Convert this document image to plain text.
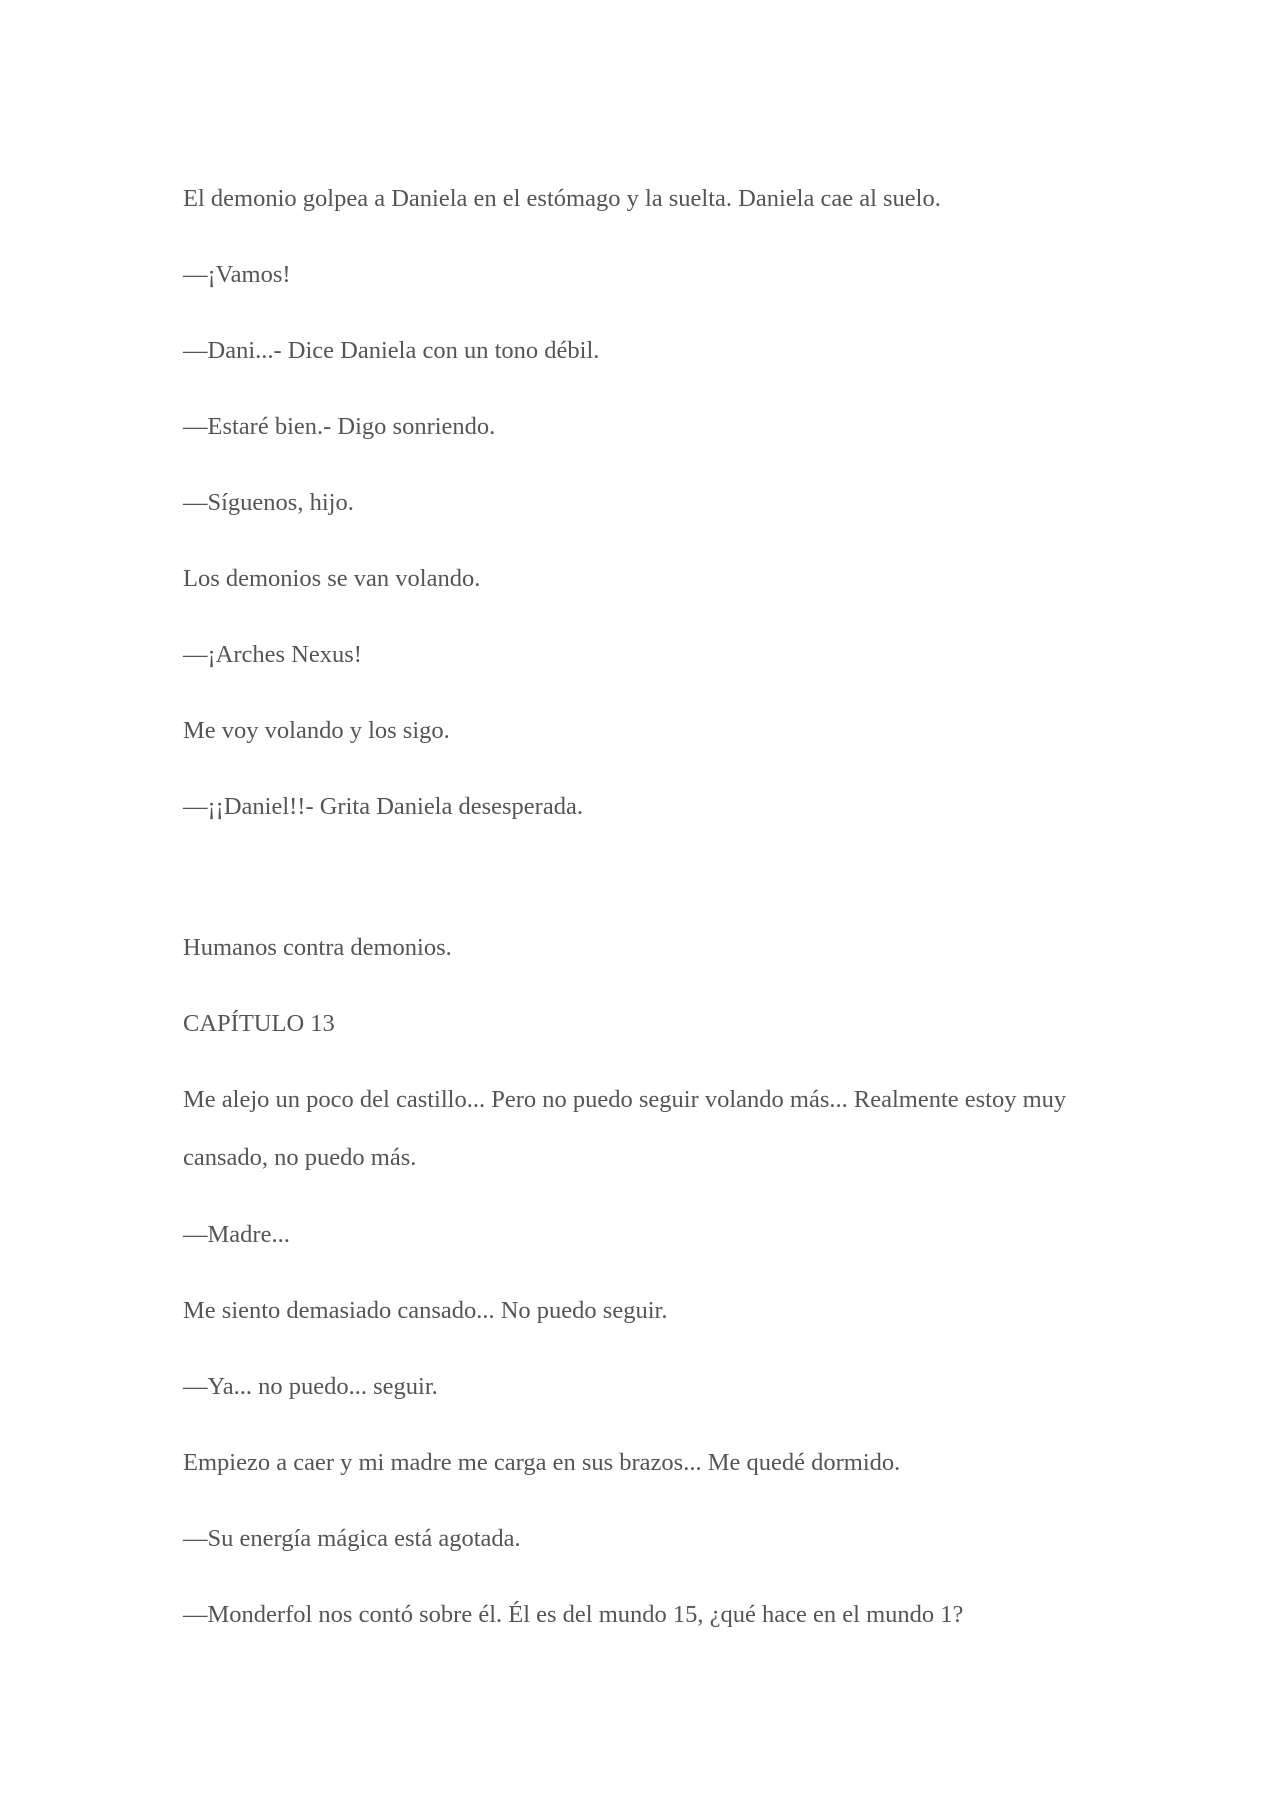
El demonio golpea a Daniela en el estómago y la suelta. Daniela cae al suelo.

—¡Vamos!

—Dani...- Dice Daniela con un tono débil.

—Estaré bien.- Digo sonriendo.

—Síguenos, hijo.

Los demonios se van volando.

—¡Arches Nexus!

Me voy volando y los sigo.

—¡¡Daniel!!- Grita Daniela desesperada.

Humanos contra demonios.

CAPÍTULO 13

Me alejo un poco del castillo... Pero no puedo seguir volando más... Realmente estoy muy cansado, no puedo más.

—Madre...

Me siento demasiado cansado... No puedo seguir.

—Ya... no puedo... seguir.

Empiezo a caer y mi madre me carga en sus brazos... Me quedé dormido.

—Su energía mágica está agotada.

—Monderfol nos contó sobre él. Él es del mundo 15, ¿qué hace en el mundo 1?
